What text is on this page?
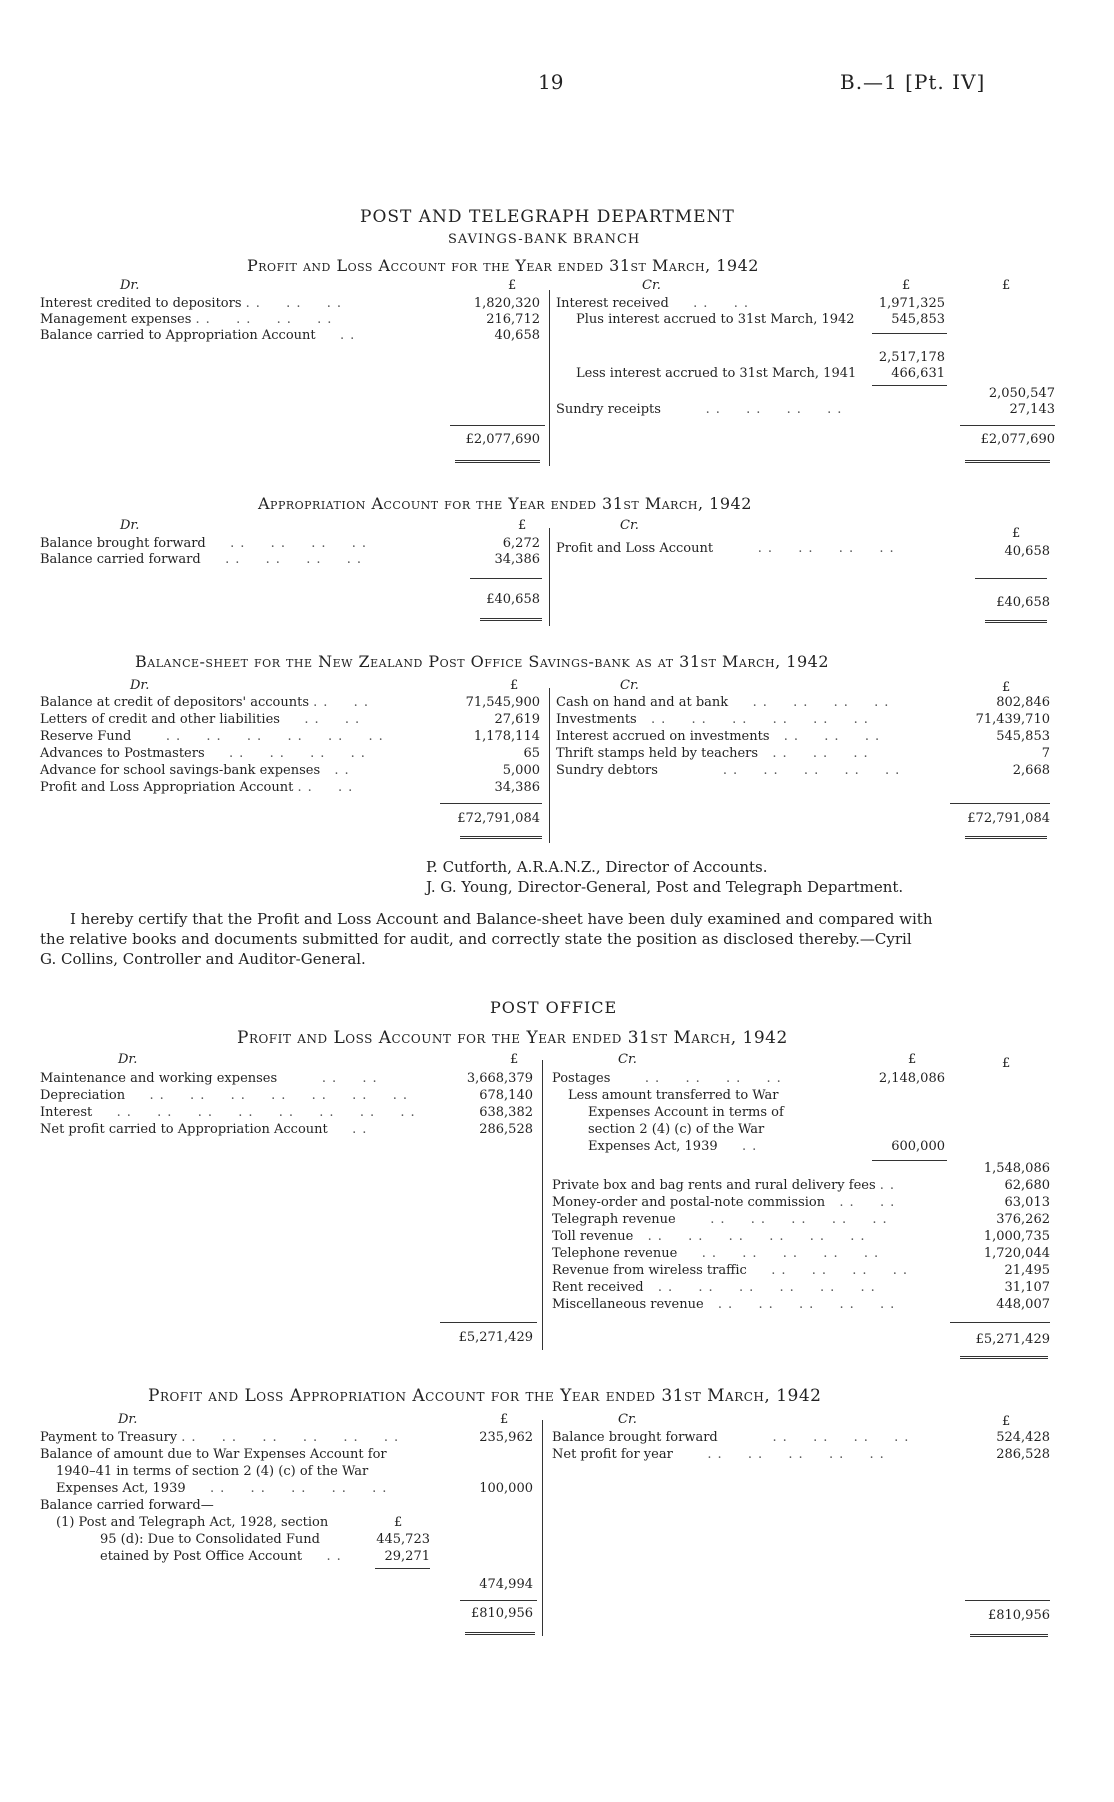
19	B.—1 [Pt. IV]
POST AND TELEGRAPH DEPARTMENT
SAVINGS-BANK BRANCH
Profit and Loss Account for the Year ended 31st March, 1942
Dr.	£	Cr.	£	£
Interest credited to depositors ..  ..  ..	1,820,320
Management expenses ..  ..  ..  ..	216,712
Balance carried to Appropriation Account   ..	40,658
Interest received   ..  ..	1,971,325
Plus interest accrued to 31st March, 1942	545,853
2,517,178
Less interest accrued to 31st March, 1941	466,631
2,050,547
Sundry receipts     ..  ..  ..  ..	27,143
£2,077,690	£2,077,690
Appropriation Account for the Year ended 31st March, 1942
Dr.	£	Cr.
£
Balance brought forward   ..  ..  ..  ..	6,272
Balance carried forward   ..  ..  ..  ..	34,386
Profit and Loss Account     ..  ..  ..  ..	40,658
£40,658	£40,658
Balance-sheet for the New Zealand Post Office Savings-bank as at 31st March, 1942
Dr.	£	Cr.	£
Balance at credit of depositors' accounts ..  ..	71,545,900
Letters of credit and other liabilities   ..  ..	27,619
Reserve Fund    ..  ..  ..  ..  ..  ..	1,178,114
Advances to Postmasters   ..  ..  ..  ..	65
Advance for school savings-bank expenses  ..	5,000
Profit and Loss Appropriation Account ..  ..	34,386
Cash on hand and at bank   ..  ..  ..  ..	802,846
Investments  ..  ..  ..  ..  ..  ..	71,439,710
Interest accrued on investments  ..  ..  ..	545,853
Thrift stamps held by teachers  ..  ..  ..	7
Sundry debtors       ..  ..  ..  ..  ..	2,668
£72,791,084	£72,791,084
P. Cutforth, A.R.A.N.Z., Director of Accounts.
J. G. Young, Director-General, Post and Telegraph Department.
I hereby certify that the Profit and Loss Account and Balance-sheet have been duly examined and compared with
the relative books and documents submitted for audit, and correctly state the position as disclosed thereby.—Cyril
G. Collins, Controller and Auditor-General.
POST OFFICE
Profit and Loss Account for the Year ended 31st March, 1942
Dr.	£	Cr.	£	£
Maintenance and working expenses     ..  ..	3,668,379
Depreciation   ..  ..  ..  ..  ..  ..  ..	678,140
Interest   ..  ..  ..  ..  ..  ..  ..  ..	638,382
Net profit carried to Appropriation Account   ..	286,528
Postages    ..  ..  ..  ..	2,148,086
Less amount transferred to War
Expenses Account in terms of
section 2 (4) (c) of the War
Expenses Act, 1939   ..	600,000
1,548,086
Private box and bag rents and rural delivery fees ..	62,680
Money-order and postal-note commission  ..  ..	63,013
Telegraph revenue    ..  ..  ..  ..  ..	376,262
Toll revenue  ..  ..  ..  ..  ..  ..	1,000,735
Telephone revenue   ..  ..  ..  ..  ..	1,720,044
Revenue from wireless traffic   ..  ..  ..  ..	21,495
Rent received  ..  ..  ..  ..  ..  ..	31,107
Miscellaneous revenue  ..  ..  ..  ..  ..	448,007
£5,271,429	£5,271,429
Profit and Loss Appropriation Account for the Year ended 31st March, 1942
Dr.	£	Cr.	£
Payment to Treasury ..  ..  ..  ..  ..  ..	235,962
Balance of amount due to War Expenses Account for
1940–41 in terms of section 2 (4) (c) of the War
Expenses Act, 1939   ..  ..  ..  ..  ..	100,000
Balance carried forward—
(1) Post and Telegraph Act, 1928, section	£
95 (d): Due to Consolidated Fund	445,723
etained by Post Office Account   ..	29,271
474,994
Balance brought forward      ..  ..  ..  ..	524,428
Net profit for year    ..  ..  ..  ..  ..	286,528
£810,956	£810,956
